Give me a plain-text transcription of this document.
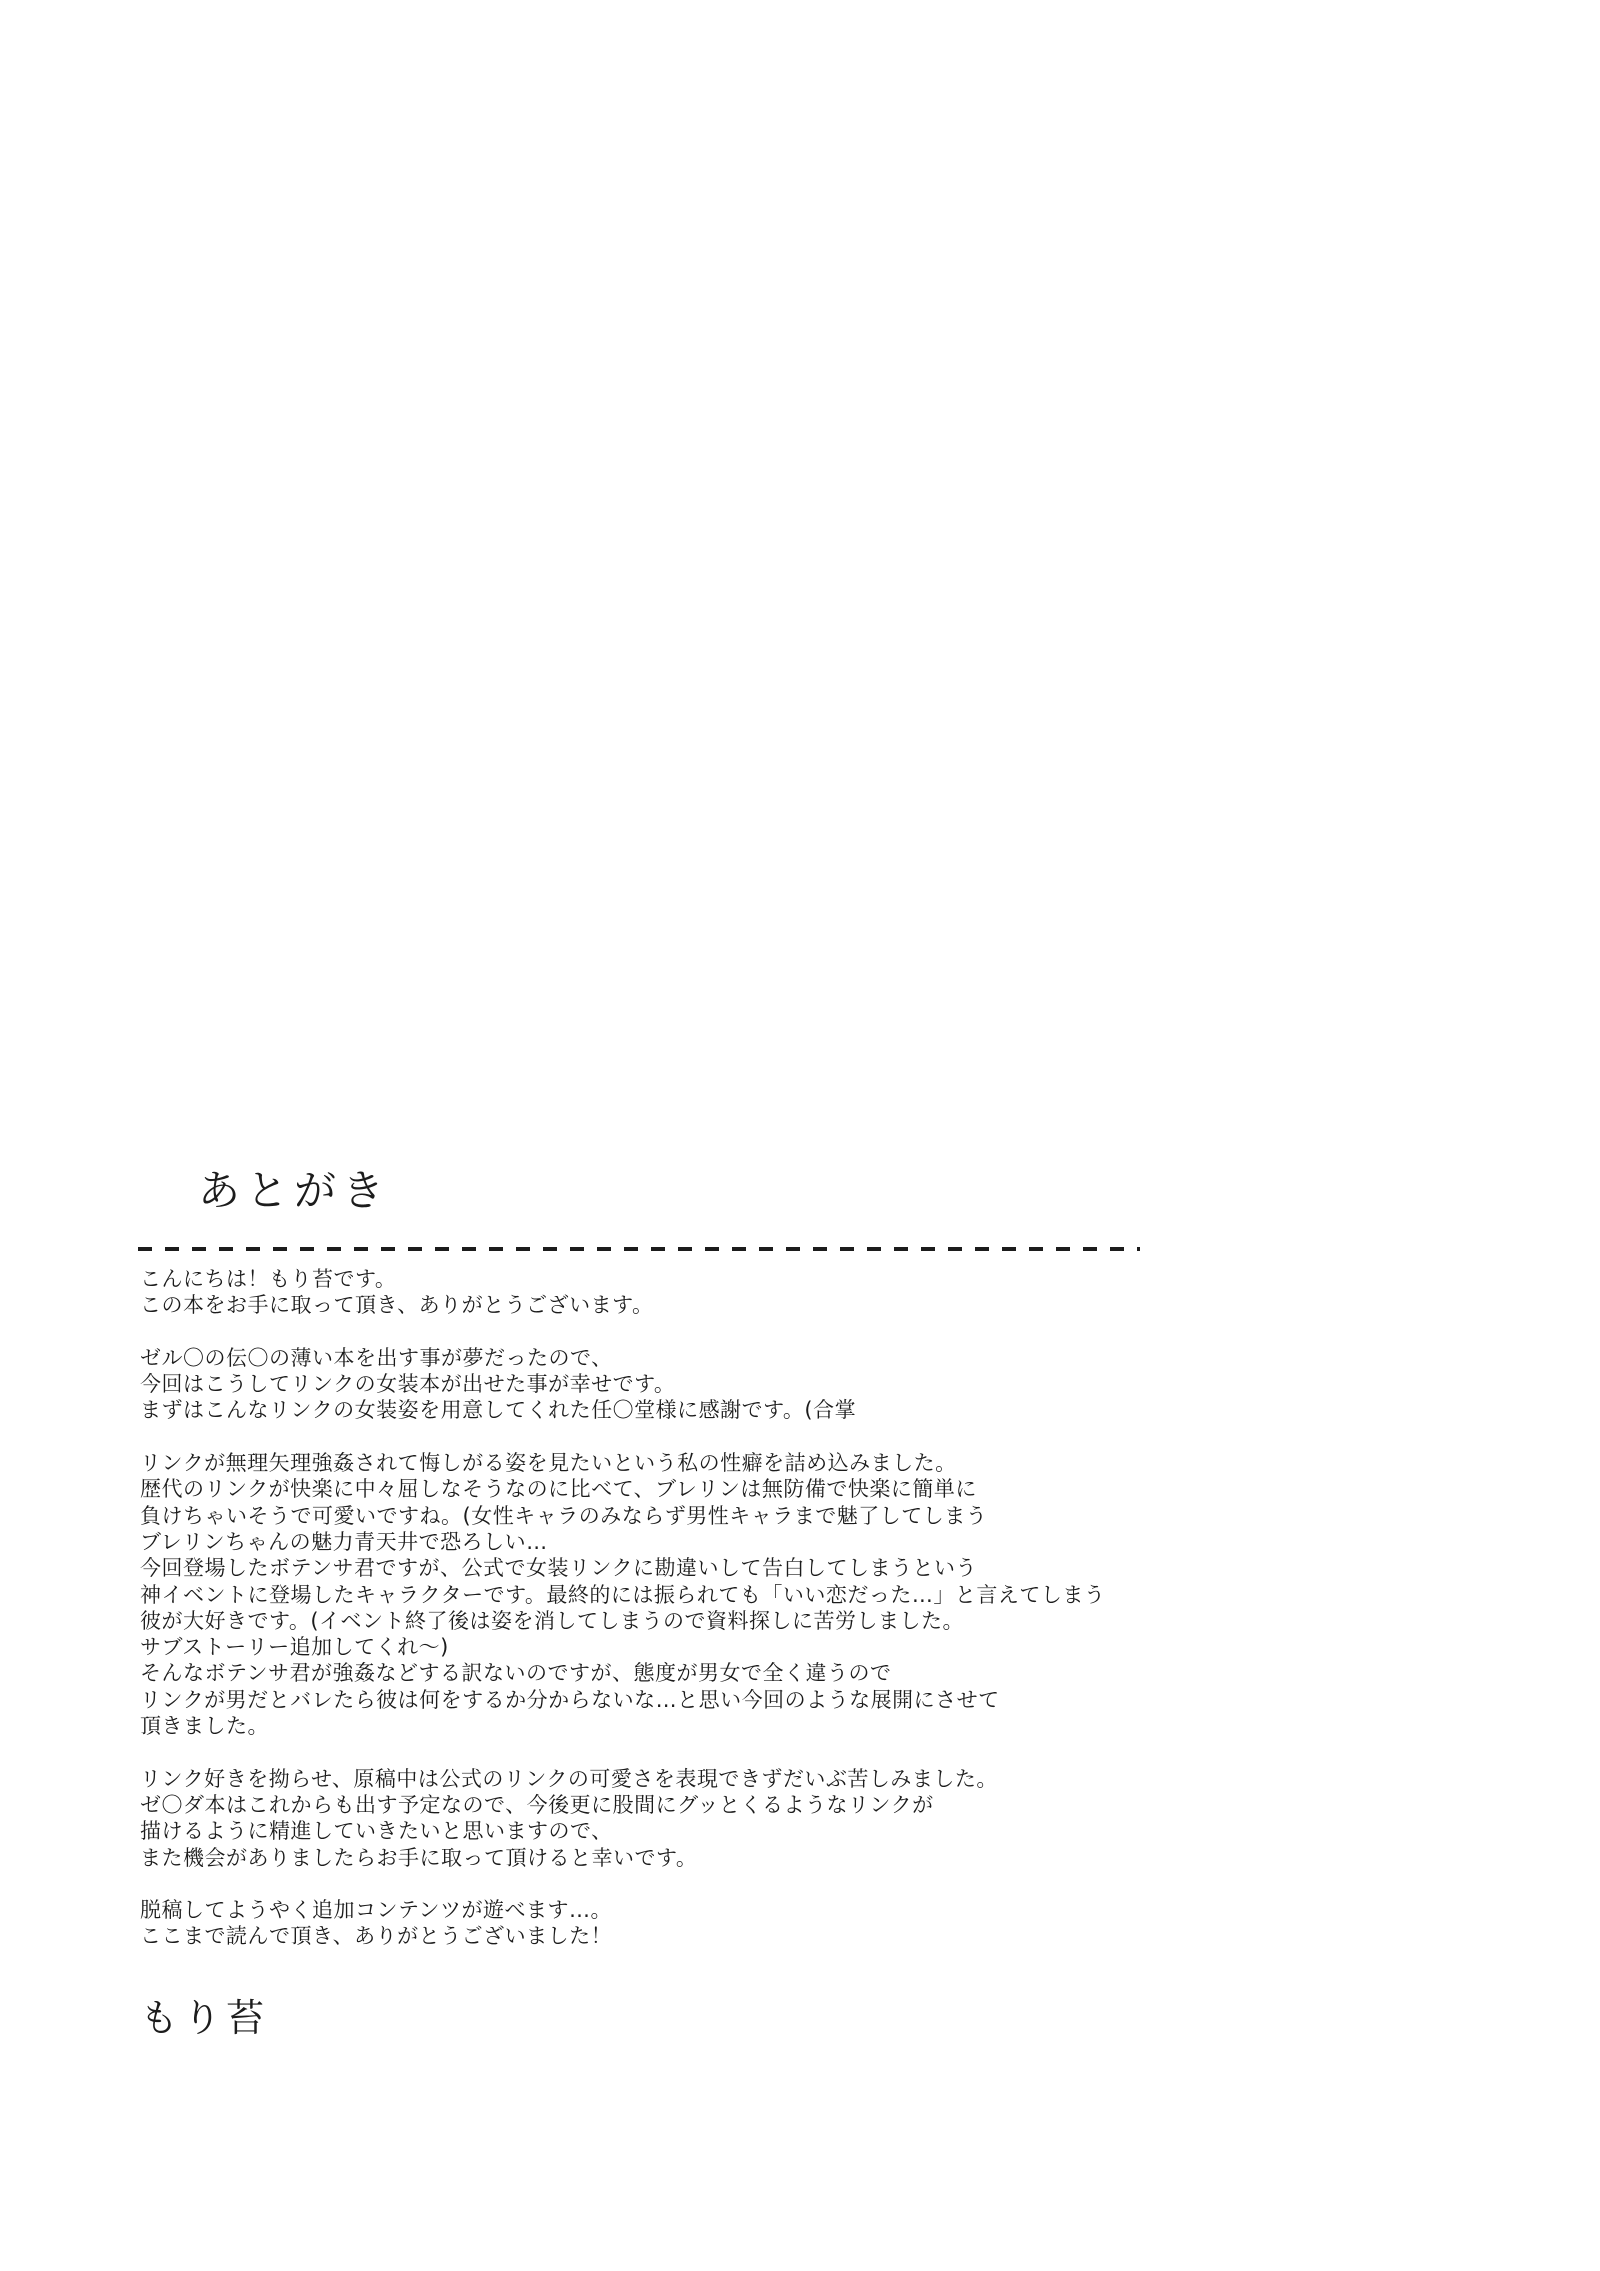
あとがき
こんにちは！もり苔です。
この本をお手に取って頂き、ありがとうございます。
ゼル〇の伝〇の薄い本を出す事が夢だったので、
今回はこうしてリンクの女装本が出せた事が幸せです。
まずはこんなリンクの女装姿を用意してくれた任〇堂様に感謝です。(合掌
リンクが無理矢理強姦されて悔しがる姿を見たいという私の性癖を詰め込みました。
歴代のリンクが快楽に中々屈しなそうなのに比べて、ブレリンは無防備で快楽に簡単に
負けちゃいそうで可愛いですね。(女性キャラのみならず男性キャラまで魅了してしまう
ブレリンちゃんの魅力青天井で恐ろしい…
今回登場したボテンサ君ですが、公式で女装リンクに勘違いして告白してしまうという
神イベントに登場したキャラクターです。最終的には振られても「いい恋だった…」と言えてしまう
彼が大好きです。(イベント終了後は姿を消してしまうので資料探しに苦労しました。
サブストーリー追加してくれ～)
そんなボテンサ君が強姦などする訳ないのですが、態度が男女で全く違うので
リンクが男だとバレたら彼は何をするか分からないな…と思い今回のような展開にさせて
頂きました。
リンク好きを拗らせ、原稿中は公式のリンクの可愛さを表現できずだいぶ苦しみました。
ゼ〇ダ本はこれからも出す予定なので、今後更に股間にグッとくるようなリンクが
描けるように精進していきたいと思いますので、
また機会がありましたらお手に取って頂けると幸いです。
脱稿してようやく追加コンテンツが遊べます…。
ここまで読んで頂き、ありがとうございました！
もり苔
